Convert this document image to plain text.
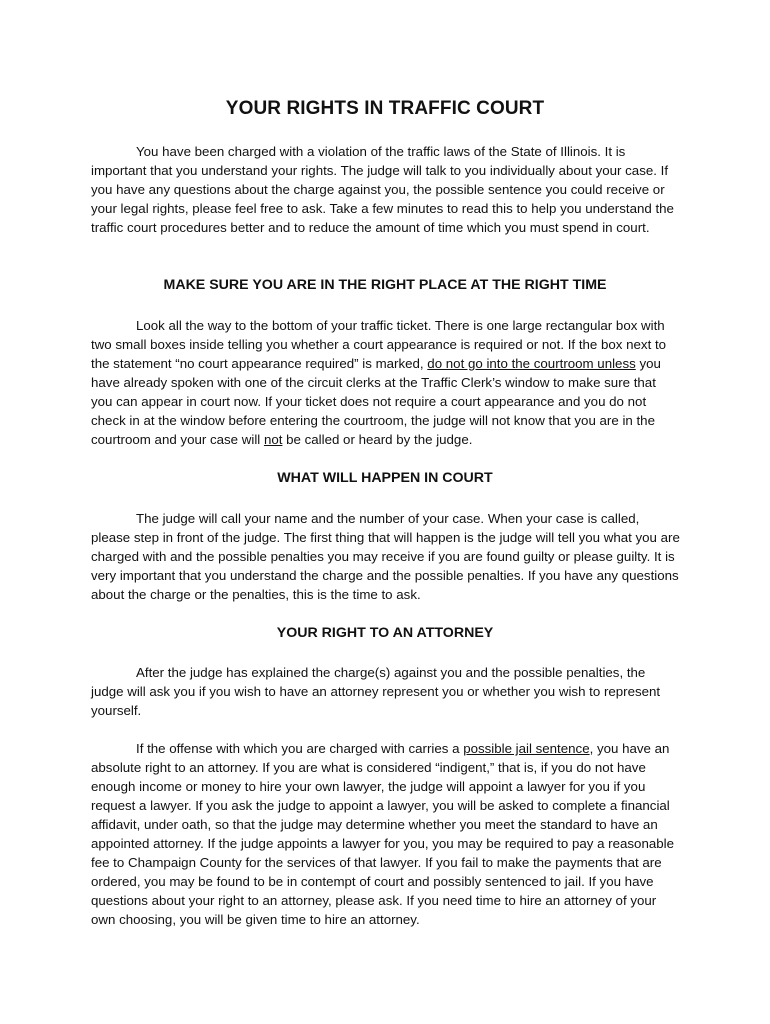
YOUR RIGHTS IN TRAFFIC COURT

You have been charged with a violation of the traffic laws of the State of Illinois. It is important that you understand your rights. The judge will talk to you individually about your case. If you have any questions about the charge against you, the possible sentence you could receive or your legal rights, please feel free to ask. Take a few minutes to read this to help you understand the traffic court procedures better and to reduce the amount of time which you must spend in court.

MAKE SURE YOU ARE IN THE RIGHT PLACE AT THE RIGHT TIME

Look all the way to the bottom of your traffic ticket. There is one large rectangular box with two small boxes inside telling you whether a court appearance is required or not. If the box next to the statement “no court appearance required” is marked, do not go into the courtroom unless you have already spoken with one of the circuit clerks at the Traffic Clerk’s window to make sure that you can appear in court now. If your ticket does not require a court appearance and you do not check in at the window before entering the courtroom, the judge will not know that you are in the courtroom and your case will not be called or heard by the judge.

WHAT WILL HAPPEN IN COURT

The judge will call your name and the number of your case. When your case is called, please step in front of the judge. The first thing that will happen is the judge will tell you what you are charged with and the possible penalties you may receive if you are found guilty or please guilty. It is very important that you understand the charge and the possible penalties. If you have any questions about the charge or the penalties, this is the time to ask.

YOUR RIGHT TO AN ATTORNEY

After the judge has explained the charge(s) against you and the possible penalties, the judge will ask you if you wish to have an attorney represent you or whether you wish to represent yourself.

If the offense with which you are charged with carries a possible jail sentence, you have an absolute right to an attorney. If you are what is considered “indigent,” that is, if you do not have enough income or money to hire your own lawyer, the judge will appoint a lawyer for you if you request a lawyer. If you ask the judge to appoint a lawyer, you will be asked to complete a financial affidavit, under oath, so that the judge may determine whether you meet the standard to have an appointed attorney. If the judge appoints a lawyer for you, you may be required to pay a reasonable fee to Champaign County for the services of that lawyer. If you fail to make the payments that are ordered, you may be found to be in contempt of court and possibly sentenced to jail. If you have questions about your right to an attorney, please ask. If you need time to hire an attorney of your own choosing, you will be given time to hire an attorney.
